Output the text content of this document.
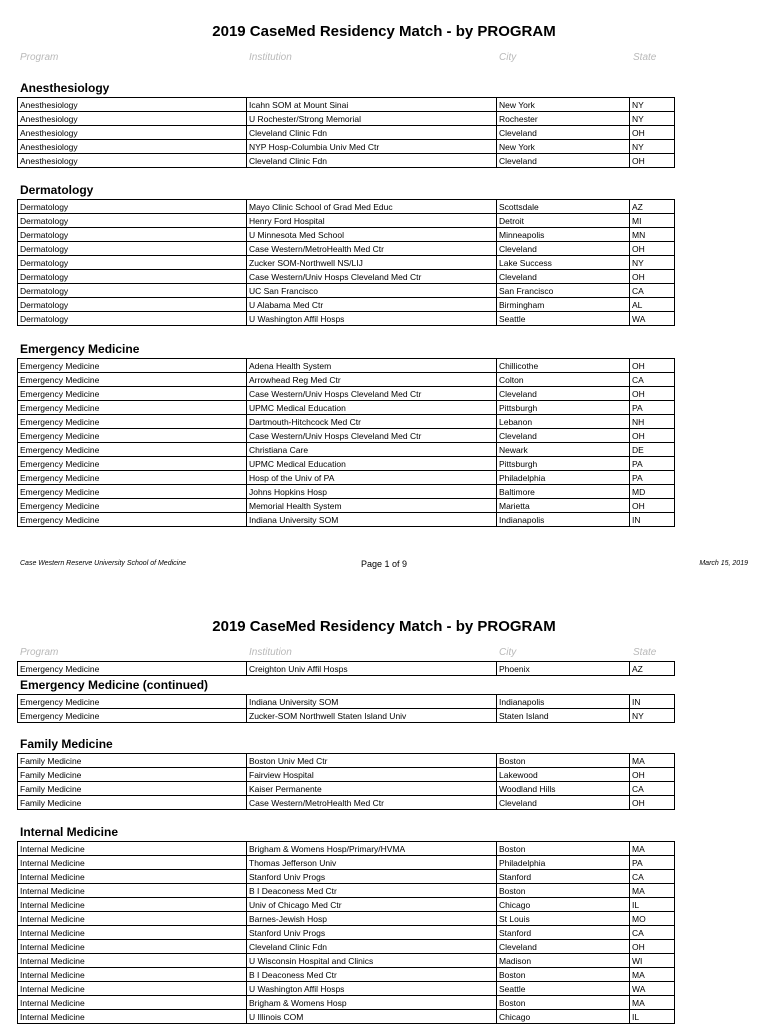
2019 CaseMed Residency Match - by PROGRAM
Program	Institution	City	State
Anesthesiology
Anesthesiology	Icahn SOM at Mount Sinai	New York	NY
Anesthesiology	U Rochester/Strong Memorial	Rochester	NY
Anesthesiology	Cleveland Clinic Fdn	Cleveland	OH
Anesthesiology	NYP Hosp-Columbia Univ Med Ctr	New York	NY
Anesthesiology	Cleveland Clinic Fdn	Cleveland	OH
Dermatology
Dermatology	Mayo Clinic School of Grad Med Educ	Scottsdale	AZ
Dermatology	Henry Ford Hospital	Detroit	MI
Dermatology	U Minnesota Med School	Minneapolis	MN
Dermatology	Case Western/MetroHealth Med Ctr	Cleveland	OH
Dermatology	Zucker SOM-Northwell NS/LIJ	Lake Success	NY
Dermatology	Case Western/Univ Hosps Cleveland Med Ctr	Cleveland	OH
Dermatology	UC San Francisco	San Francisco	CA
Dermatology	U Alabama Med Ctr	Birmingham	AL
Dermatology	U Washington Affil Hosps	Seattle	WA
Emergency Medicine
Emergency Medicine	Adena Health System	Chillicothe	OH
Emergency Medicine	Arrowhead Reg Med Ctr	Colton	CA
Emergency Medicine	Case Western/Univ Hosps Cleveland Med Ctr	Cleveland	OH
Emergency Medicine	UPMC Medical Education	Pittsburgh	PA
Emergency Medicine	Dartmouth-Hitchcock Med Ctr	Lebanon	NH
Emergency Medicine	Case Western/Univ Hosps Cleveland Med Ctr	Cleveland	OH
Emergency Medicine	Christiana Care	Newark	DE
Emergency Medicine	UPMC Medical Education	Pittsburgh	PA
Emergency Medicine	Hosp of the Univ of PA	Philadelphia	PA
Emergency Medicine	Johns Hopkins Hosp	Baltimore	MD
Emergency Medicine	Memorial Health System	Marietta	OH
Emergency Medicine	Indiana University SOM	Indianapolis	IN
Case Western Reserve University School of Medicine	Page 1 of 9	March 15, 2019
2019 CaseMed Residency Match - by PROGRAM
Program	Institution	City	State
Emergency Medicine	Creighton Univ Affil Hosps	Phoenix	AZ
Emergency Medicine (continued)
Emergency Medicine	Indiana University SOM	Indianapolis	IN
Emergency Medicine	Zucker-SOM Northwell Staten Island Univ	Staten Island	NY
Family Medicine
Family Medicine	Boston Univ Med Ctr	Boston	MA
Family Medicine	Fairview Hospital	Lakewood	OH
Family Medicine	Kaiser Permanente	Woodland Hills	CA
Family Medicine	Case Western/MetroHealth Med Ctr	Cleveland	OH
Internal Medicine
Internal Medicine	Brigham & Womens Hosp/Primary/HVMA	Boston	MA
Internal Medicine	Thomas Jefferson Univ	Philadelphia	PA
Internal Medicine	Stanford Univ Progs	Stanford	CA
Internal Medicine	B I Deaconess Med Ctr	Boston	MA
Internal Medicine	Univ of Chicago Med Ctr	Chicago	IL
Internal Medicine	Barnes-Jewish Hosp	St Louis	MO
Internal Medicine	Stanford Univ Progs	Stanford	CA
Internal Medicine	Cleveland Clinic Fdn	Cleveland	OH
Internal Medicine	U Wisconsin Hospital and Clinics	Madison	WI
Internal Medicine	B I Deaconess Med Ctr	Boston	MA
Internal Medicine	U Washington Affil Hosps	Seattle	WA
Internal Medicine	Brigham & Womens Hosp	Boston	MA
Internal Medicine	U Illinois COM	Chicago	IL
